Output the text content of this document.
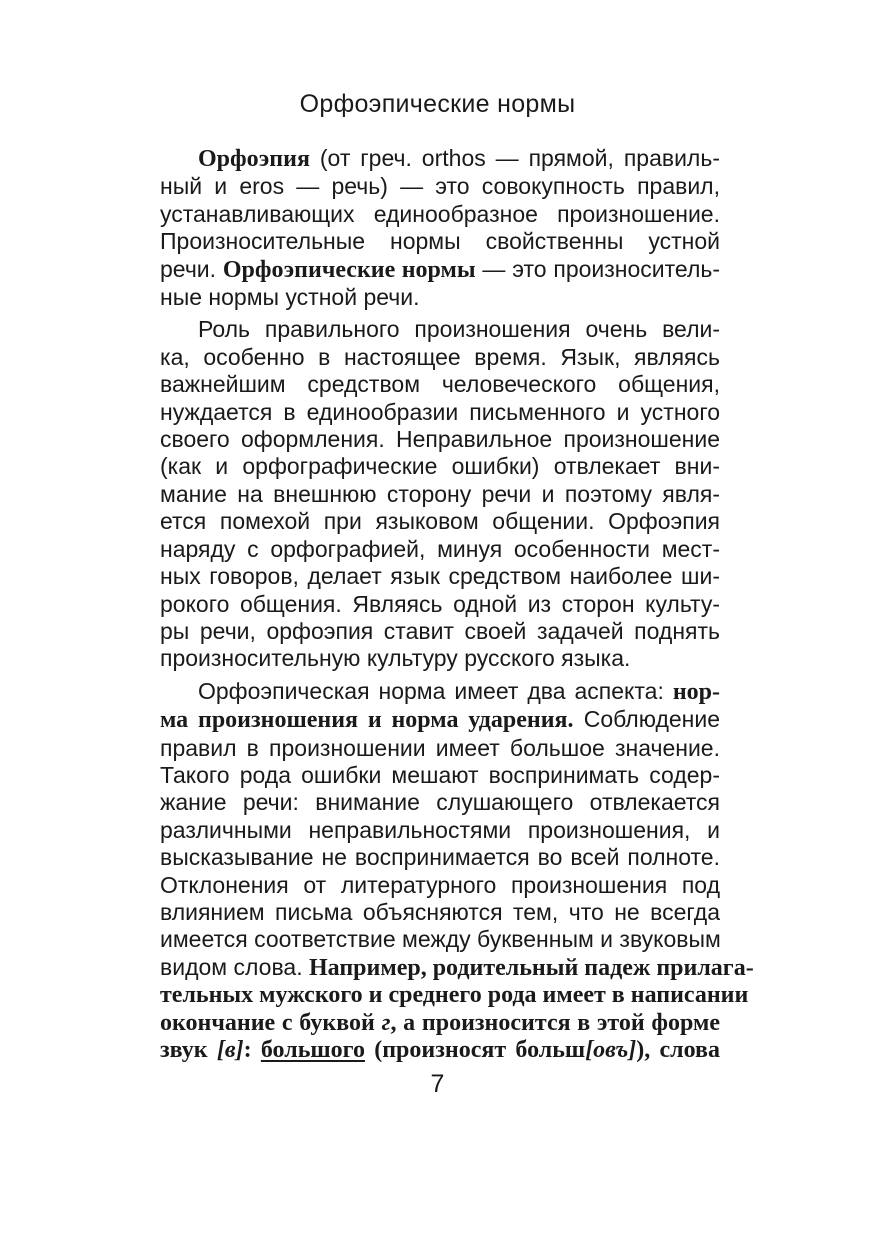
Орфоэпические нормы
Орфоэпия (от греч. orthos — прямой, правиль-
ный и eros — речь) — это совокупность правил,
устанавливающих единообразное произношение.
Произносительные нормы свойственны устной
речи. Орфоэпические нормы — это произноситель-
ные нормы устной речи.
Роль правильного произношения очень вели-
ка, особенно в настоящее время. Язык, являясь
важнейшим средством человеческого общения,
нуждается в единообразии письменного и устного
своего оформления. Неправильное произношение
(как и орфографические ошибки) отвлекает вни-
мание на внешнюю сторону речи и поэтому явля-
ется помехой при языковом общении. Орфоэпия
наряду с орфографией, минуя особенности мест-
ных говоров, делает язык средством наиболее ши-
рокого общения. Являясь одной из сторон культу-
ры речи, орфоэпия ставит своей задачей поднять
произносительную культуру русского языка.
Орфоэпическая норма имеет два аспекта: нор-
ма произношения и норма ударения. Соблюдение
правил в произношении имеет большое значение.
Такого рода ошибки мешают воспринимать содер-
жание речи: внимание слушающего отвлекается
различными неправильностями произношения, и
высказывание не воспринимается во всей полноте.
Отклонения от литературного произношения под
влиянием письма объясняются тем, что не всегда
имеется соответствие между буквенным и звуковым
видом слова. Например, родительный падеж прилага-
тельных мужского и среднего рода имеет в написании
окончание с буквой г, а произносится в этой форме
звук [в]: большого (произносят больш[овъ]), слова
7
